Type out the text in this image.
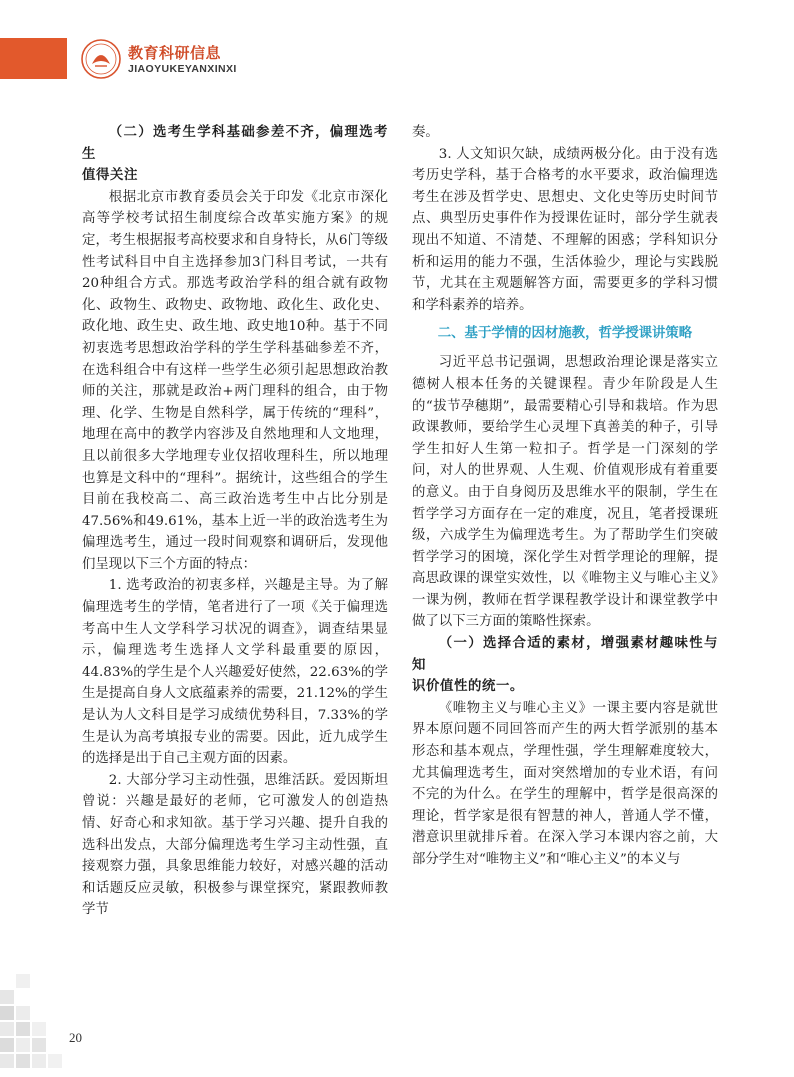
教育科研信息
JIAOYUKEYANXINXI

（二）选考生学科基础参差不齐，偏理选考生

值得关注

根据北京市教育委员会关于印发《北京市深化高等学校考试招生制度综合改革实施方案》的规定，考生根据报考高校要求和自身特长，从6门等级性考试科目中自主选择参加3门科目考试，一共有20种组合方式。那选考政治学科的组合就有政物化、政物生、政物史、政物地、政化生、政化史、政化地、政生史、政生地、政史地10种。基于不同初衷选考思想政治学科的学生学科基础参差不齐，在选科组合中有这样一些学生必须引起思想政治教师的关注，那就是政治+两门理科的组合，由于物理、化学、生物是自然科学，属于传统的“理科”，地理在高中的教学内容涉及自然地理和人文地理，且以前很多大学地理专业仅招收理科生，所以地理也算是文科中的“理科”。据统计，这些组合的学生目前在我校高二、高三政治选考生中占比分别是47.56%和49.61%，基本上近一半的政治选考生为偏理选考生，通过一段时间观察和调研后，发现他们呈现以下三个方面的特点：

1. 选考政治的初衷多样，兴趣是主导。为了解偏理选考生的学情，笔者进行了一项《关于偏理选考高中生人文学科学习状况的调查》，调查结果显示，偏理选考生选择人文学科最重要的原因，44.83%的学生是个人兴趣爱好使然，22.63%的学生是提高自身人文底蕴素养的需要，21.12%的学生是认为人文科目是学习成绩优势科目，7.33%的学生是认为高考填报专业的需要。因此，近九成学生的选择是出于自己主观方面的因素。

2. 大部分学习主动性强，思维活跃。爱因斯坦曾说：兴趣是最好的老师，它可激发人的创造热情、好奇心和求知欲。基于学习兴趣、提升自我的选科出发点，大部分偏理选考生学习主动性强，直接观察力强，具象思维能力较好，对感兴趣的活动和话题反应灵敏，积极参与课堂探究，紧跟教师教学节

奏。

3. 人文知识欠缺，成绩两极分化。由于没有选考历史学科，基于合格考的水平要求，政治偏理选考生在涉及哲学史、思想史、文化史等历史时间节点、典型历史事件作为授课佐证时，部分学生就表现出不知道、不清楚、不理解的困惑；学科知识分析和运用的能力不强，生活体验少，理论与实践脱节，尤其在主观题解答方面，需要更多的学科习惯和学科素养的培养。

二、基于学情的因材施教，哲学授课讲策略

习近平总书记强调，思想政治理论课是落实立德树人根本任务的关键课程。青少年阶段是人生的“拔节孕穗期”，最需要精心引导和栽培。作为思政课教师，要给学生心灵埋下真善美的种子，引导学生扣好人生第一粒扣子。哲学是一门深刻的学问，对人的世界观、人生观、价值观形成有着重要的意义。由于自身阅历及思维水平的限制，学生在哲学学习方面存在一定的难度，况且，笔者授课班级，六成学生为偏理选考生。为了帮助学生们突破哲学学习的困境，深化学生对哲学理论的理解，提高思政课的课堂实效性，以《唯物主义与唯心主义》一课为例，教师在哲学课程教学设计和课堂教学中做了以下三方面的策略性探索。

（一）选择合适的素材，增强素材趣味性与知

识价值性的统一。

《唯物主义与唯心主义》一课主要内容是就世界本原问题不同回答而产生的两大哲学派别的基本形态和基本观点，学理性强，学生理解难度较大，尤其偏理选考生，面对突然增加的专业术语，有问不完的为什么。在学生的理解中，哲学是很高深的理论，哲学家是很有智慧的神人，普通人学不懂，潜意识里就排斥着。在深入学习本课内容之前，大部分学生对“唯物主义”和“唯心主义”的本义与

20
